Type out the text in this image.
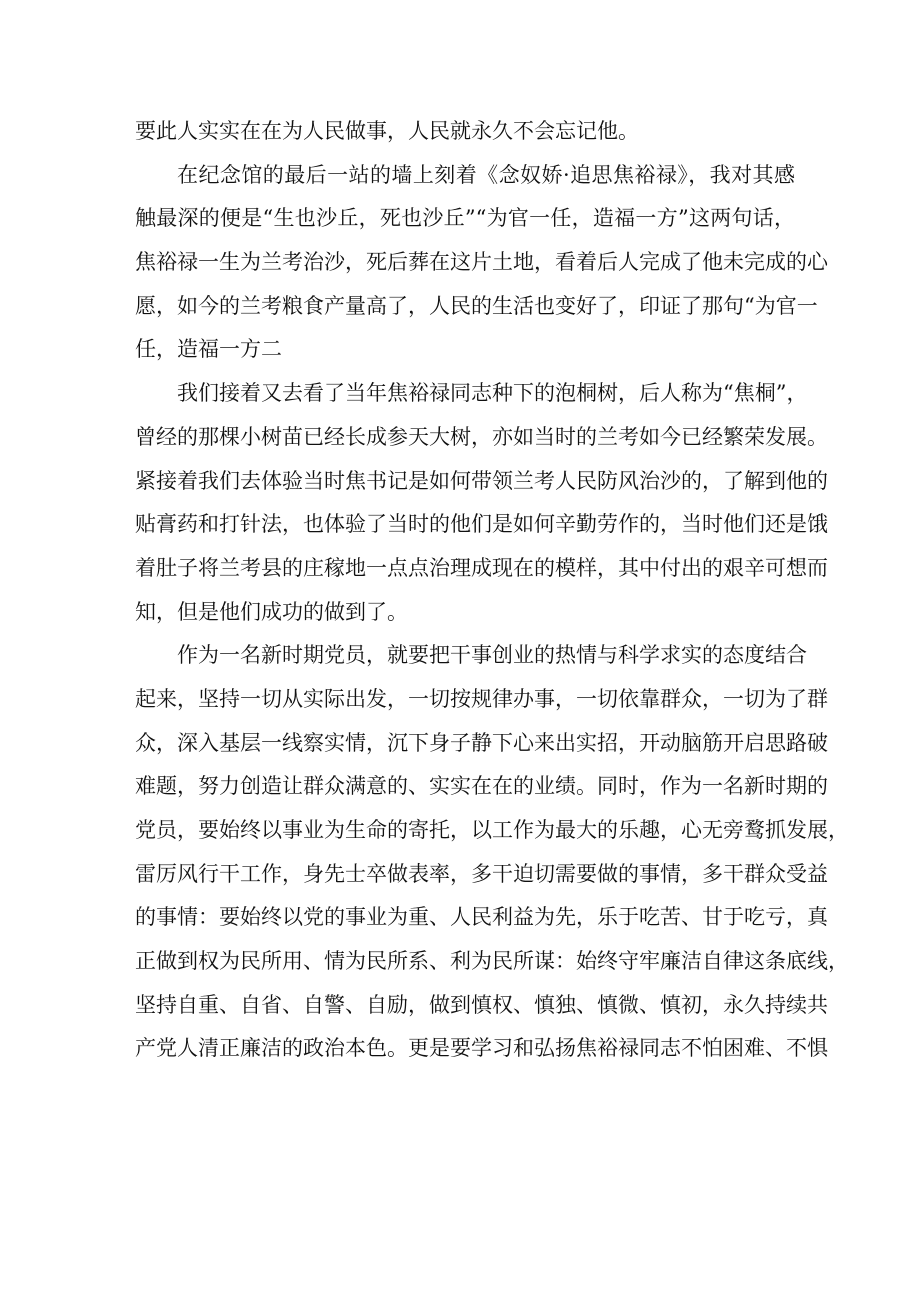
要此人实实在在为人民做事，人民就永久不会忘记他。
在纪念馆的最后一站的墙上刻着《念奴娇·追思焦裕禄》，我对其感
触最深的便是“生也沙丘，死也沙丘”“为官一任，造福一方”这两句话，
焦裕禄一生为兰考治沙，死后葬在这片土地，看着后人完成了他未完成的心
愿，如今的兰考粮食产量高了，人民的生活也变好了，印证了那句“为官一
任，造福一方二
我们接着又去看了当年焦裕禄同志种下的泡桐树，后人称为“焦桐”，
曾经的那棵小树苗已经长成参天大树，亦如当时的兰考如今已经繁荣发展。
紧接着我们去体验当时焦书记是如何带领兰考人民防风治沙的，了解到他的
贴膏药和打针法，也体验了当时的他们是如何辛勤劳作的，当时他们还是饿
着肚子将兰考县的庄稼地一点点治理成现在的模样，其中付出的艰辛可想而
知，但是他们成功的做到了。
作为一名新时期党员，就要把干事创业的热情与科学求实的态度结合
起来，坚持一切从实际出发，一切按规律办事，一切依靠群众，一切为了群
众，深入基层一线察实情，沉下身子静下心来出实招，开动脑筋开启思路破
难题，努力创造让群众满意的、实实在在的业绩。同时，作为一名新时期的
党员，要始终以事业为生命的寄托，以工作为最大的乐趣，心无旁鹜抓发展，
雷厉风行干工作，身先士卒做表率，多干迫切需要做的事情，多干群众受益
的事情：要始终以党的事业为重、人民利益为先，乐于吃苦、甘于吃亏，真
正做到权为民所用、情为民所系、利为民所谋：始终守牢廉洁自律这条底线，
坚持自重、自省、自警、自励，做到慎权、慎独、慎微、慎初，永久持续共
产党人清正廉洁的政治本色。更是要学习和弘扬焦裕禄同志不怕困难、不惧
